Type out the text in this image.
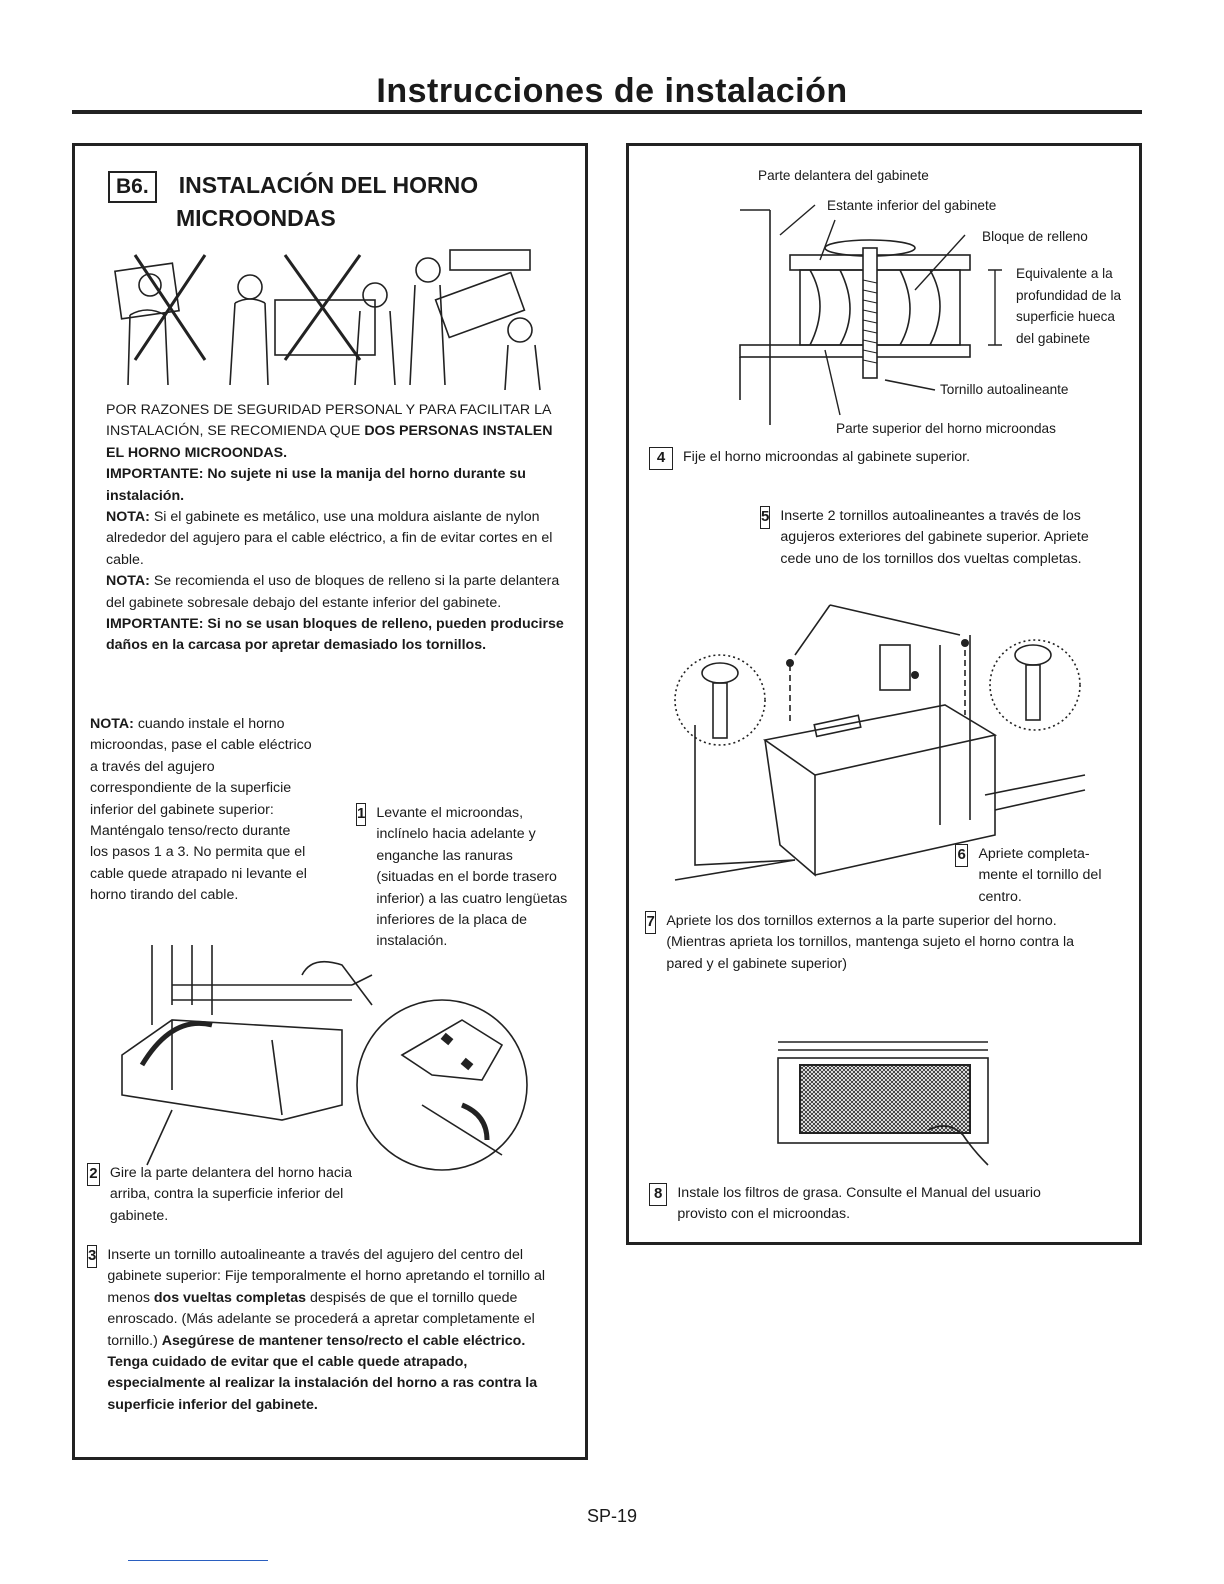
Instrucciones de instalación
B6. INSTALACIÓN DEL HORNO
MICROONDAS
POR RAZONES DE SEGURIDAD PERSONAL Y PARA FACILITAR LA INSTALACIÓN, SE RECOMIENDA QUE DOS PERSONAS INSTALEN EL HORNO MICROONDAS.
IMPORTANTE: No sujete ni use la manija del horno durante su instalación.
NOTA: Si el gabinete es metálico, use una moldura aislante de nylon alrededor del agujero para el cable eléctrico, a fin de evitar cortes en el cable.
NOTA: Se recomienda el uso de bloques de relleno si la parte delantera del gabinete sobresale debajo del estante inferior del gabinete.
IMPORTANTE: Si no se usan bloques de relleno, pueden producirse daños en la carcasa por apretar demasiado los tornillos.
NOTA: cuando instale el horno microondas, pase el cable eléctrico a través del agujero correspondiente de la superficie inferior del gabinete superior: Manténgalo tenso/recto durante los pasos 1 a 3. No permita que el cable quede atrapado ni levante el horno tirando del cable.
1 Levante el microondas, inclínelo hacia adelante y enganche las ranuras (situadas en el borde trasero inferior) a las cuatro lengüetas inferiores de la placa de instalación.
2 Gire la parte delantera del horno hacia arriba, contra la superficie inferior del gabinete.
3 Inserte un tornillo autoalineante a través del agujero del centro del gabinete superior: Fije temporalmente el horno apretando el tornillo al menos dos vueltas completas despisés de que el tornillo quede enroscado. (Más adelante se procederá a apretar completamente el tornillo.) Asegúrese de mantener tenso/recto el cable eléctrico. Tenga cuidado de evitar que el cable quede atrapado, especialmente al realizar la instalación del horno a ras contra la superficie inferior del gabinete.
Parte delantera del gabinete
Estante inferior del gabinete
Bloque de relleno
Equivalente a la profundidad de la superficie hueca del gabinete
Tornillo autoalineante
Parte superior del horno microondas
4	Fije el horno microondas al gabinete superior.
5 Inserte 2 tornillos autoalineantes a través de los agujeros exteriores del gabinete superior. Apriete cede uno de los tornillos dos vueltas completas.
6 Apriete completa-mente el tornillo del centro.
7 Apriete los dos tornillos externos a la parte superior del horno. (Mientras aprieta los tornillos, mantenga sujeto el horno contra la pared y el gabinete superior)
8	Instale los filtros de grasa. Consulte el Manual del usuario provisto con el microondas.
SP-19
